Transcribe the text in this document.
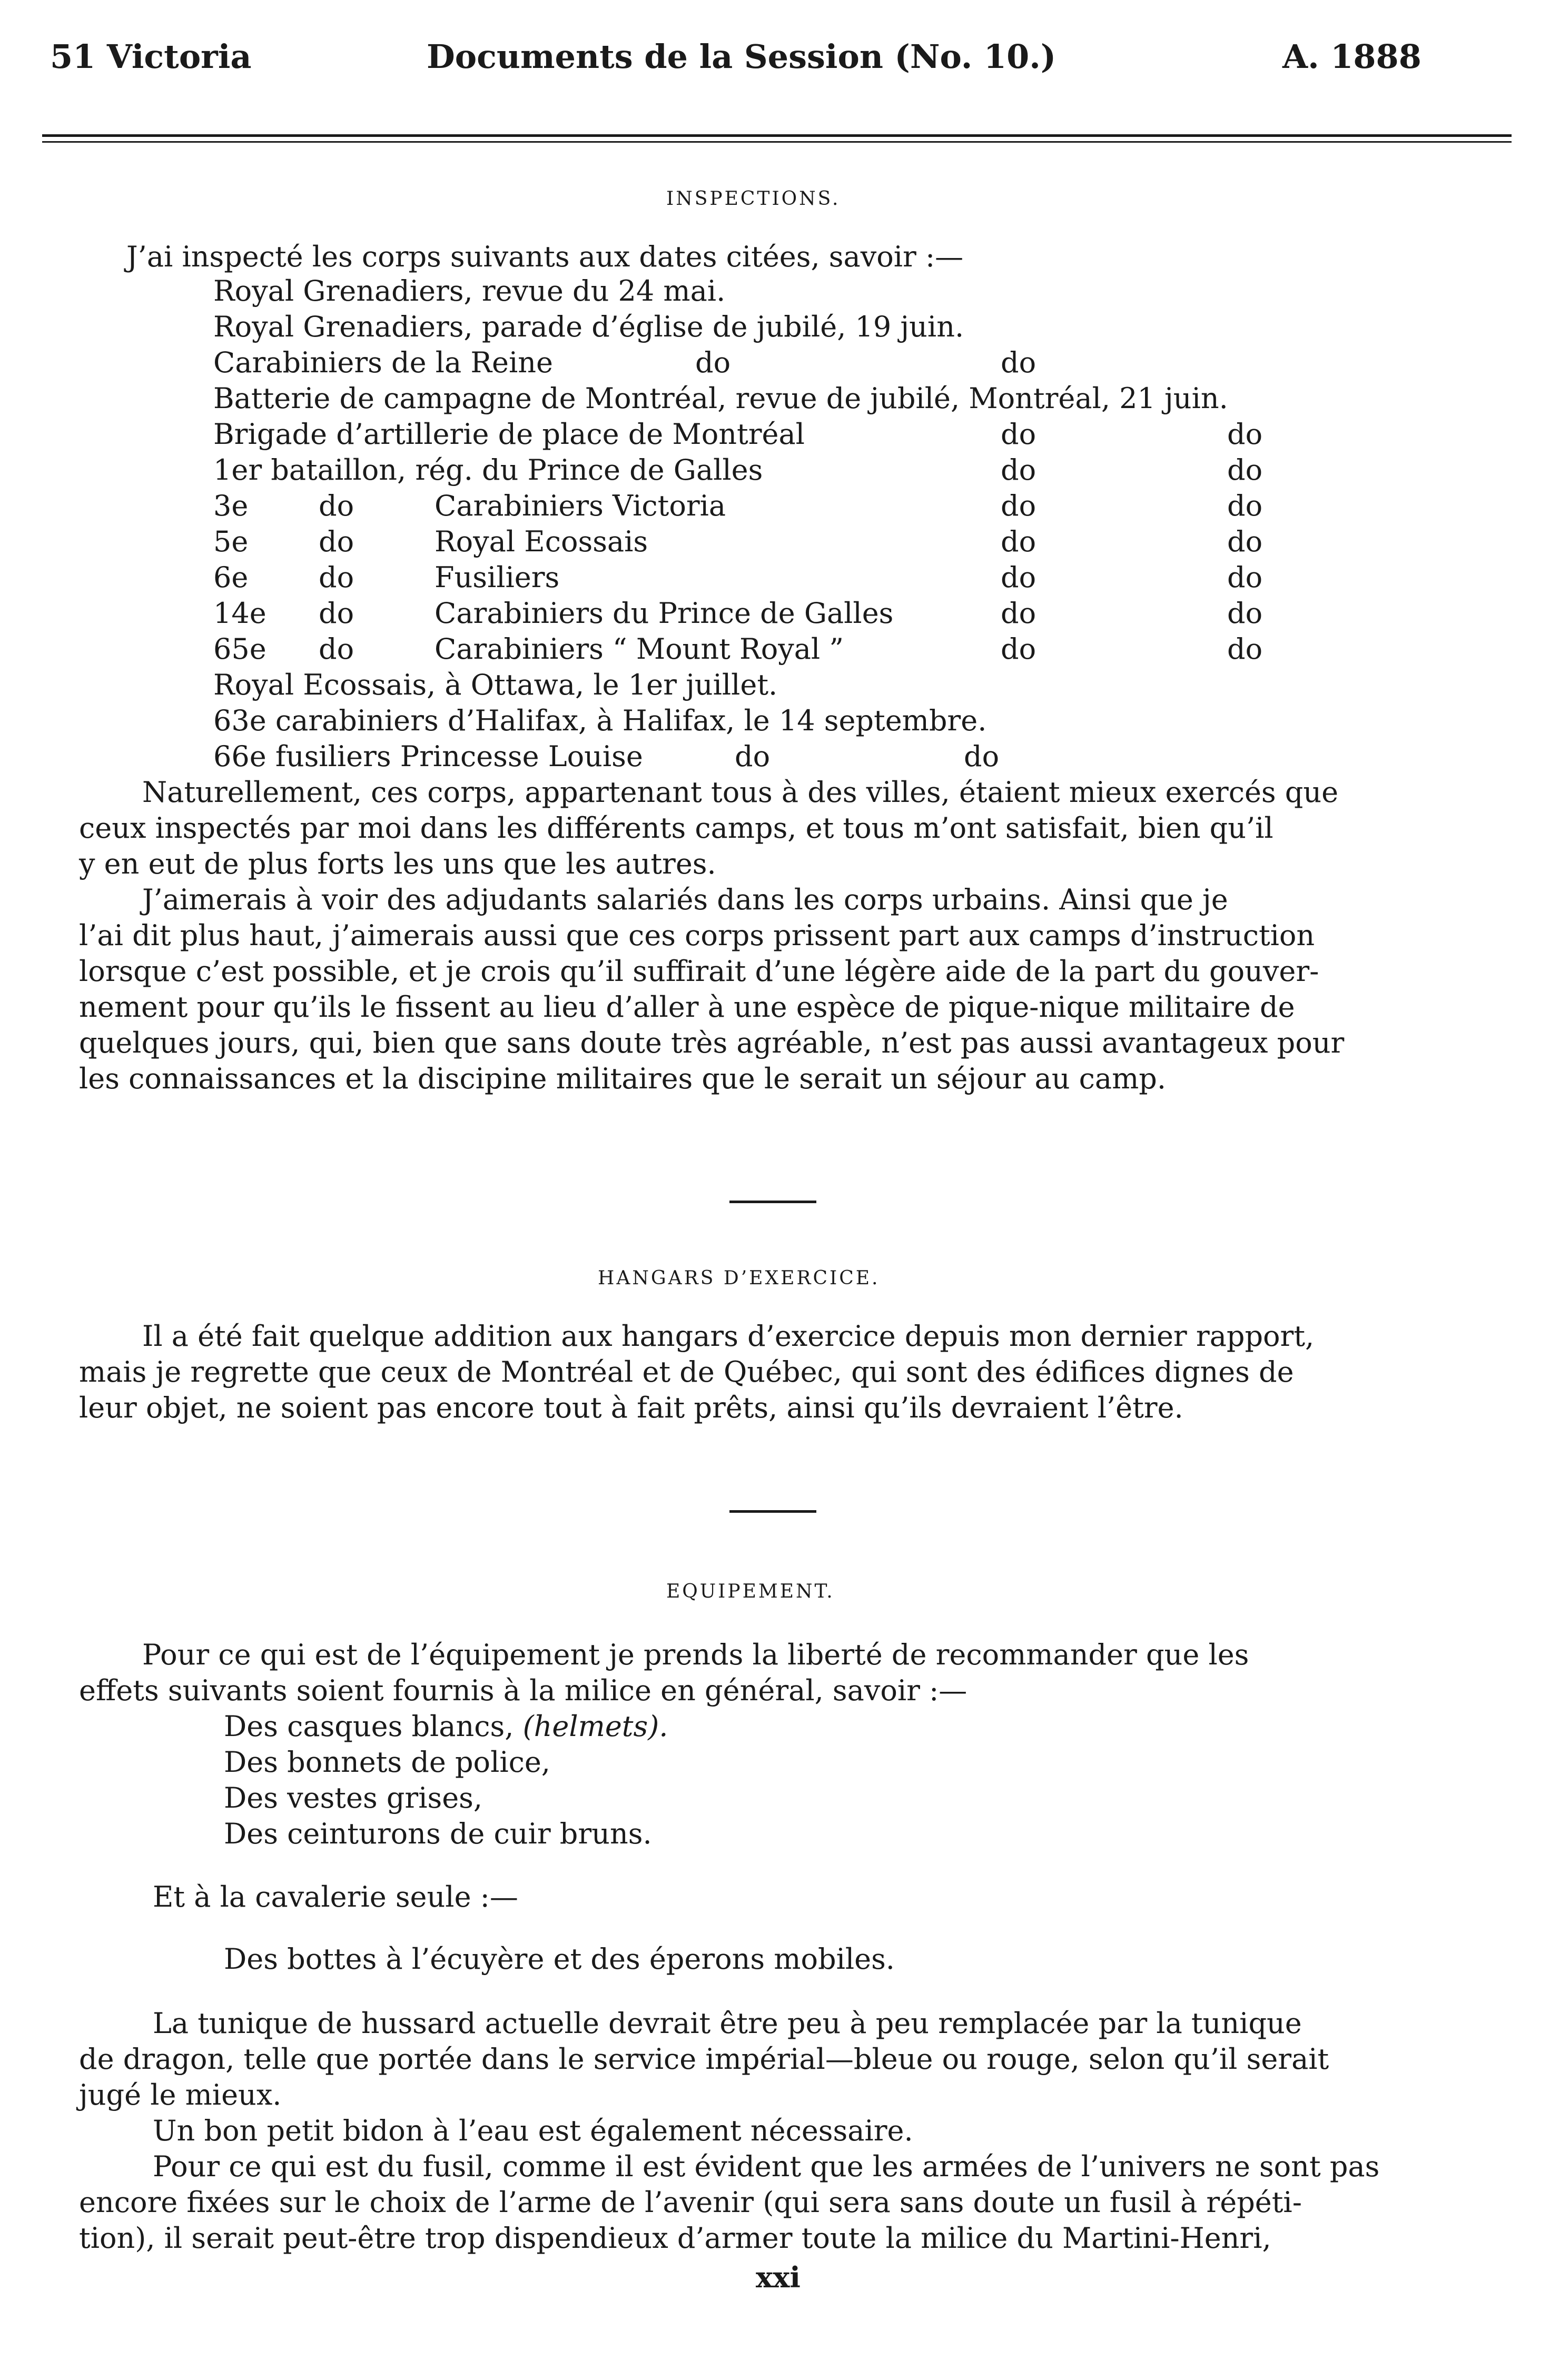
51 Victoria	Documents de la Session (No. 10.)	A. 1888
INSPECTIONS.
J’ai inspecté les corps suivants aux dates citées, savoir :—
Royal Grenadiers, revue du 24 mai.
Royal Grenadiers, parade d’église de jubilé, 19 juin.
Carabiniers de la Reine	do	do
Batterie de campagne de Montréal, revue de jubilé, Montréal, 21 juin.
Brigade d’artillerie de place de Montréal	do	do
1er bataillon, rég. du Prince de Galles	do	do
3e do	Carabiniers Victoria	do	do
5e do	Royal Ecossais	do	do
6e do	Fusiliers	do	do
14e do	Carabiniers du Prince de Galles	do	do
65e do	Carabiniers “ Mount Royal ”	do	do
Royal Ecossais, à Ottawa, le 1er juillet.
63e carabiniers d’Halifax, à Halifax, le 14 septembre.
66e fusiliers Princesse Louise	do	do
Naturellement, ces corps, appartenant tous à des villes, étaient mieux exercés que
ceux inspectés par moi dans les différents camps, et tous m’ont satisfait, bien qu’il
y en eut de plus forts les uns que les autres.
J’aimerais à voir des adjudants salariés dans les corps urbains. Ainsi que je
l’ai dit plus haut, j’aimerais aussi que ces corps prissent part aux camps d’instruction
lorsque c’est possible, et je crois qu’il suffirait d’une légère aide de la part du gouver-
nement pour qu’ils le fissent au lieu d’aller à une espèce de pique-nique militaire de
quelques jours, qui, bien que sans doute très agréable, n’est pas aussi avantageux pour
les connaissances et la discipine militaires que le serait un séjour au camp.
HANGARS D’EXERCICE.
Il a été fait quelque addition aux hangars d’exercice depuis mon dernier rapport,
mais je regrette que ceux de Montréal et de Québec, qui sont des édifices dignes de
leur objet, ne soient pas encore tout à fait prêts, ainsi qu’ils devraient l’être.
EQUIPEMENT.
Pour ce qui est de l’équipement je prends la liberté de recommander que les
effets suivants soient fournis à la milice en général, savoir :—
Des casques blancs, (helmets).
Des bonnets de police,
Des vestes grises,
Des ceinturons de cuir bruns.
Et à la cavalerie seule :—
Des bottes à l’écuyère et des éperons mobiles.
La tunique de hussard actuelle devrait être peu à peu remplacée par la tunique
de dragon, telle que portée dans le service impérial—bleue ou rouge, selon qu’il serait
jugé le mieux.
Un bon petit bidon à l’eau est également nécessaire.
Pour ce qui est du fusil, comme il est évident que les armées de l’univers ne sont pas
encore fixées sur le choix de l’arme de l’avenir (qui sera sans doute un fusil à répéti-
tion), il serait peut-être trop dispendieux d’armer toute la milice du Martini-Henri,
xxi
